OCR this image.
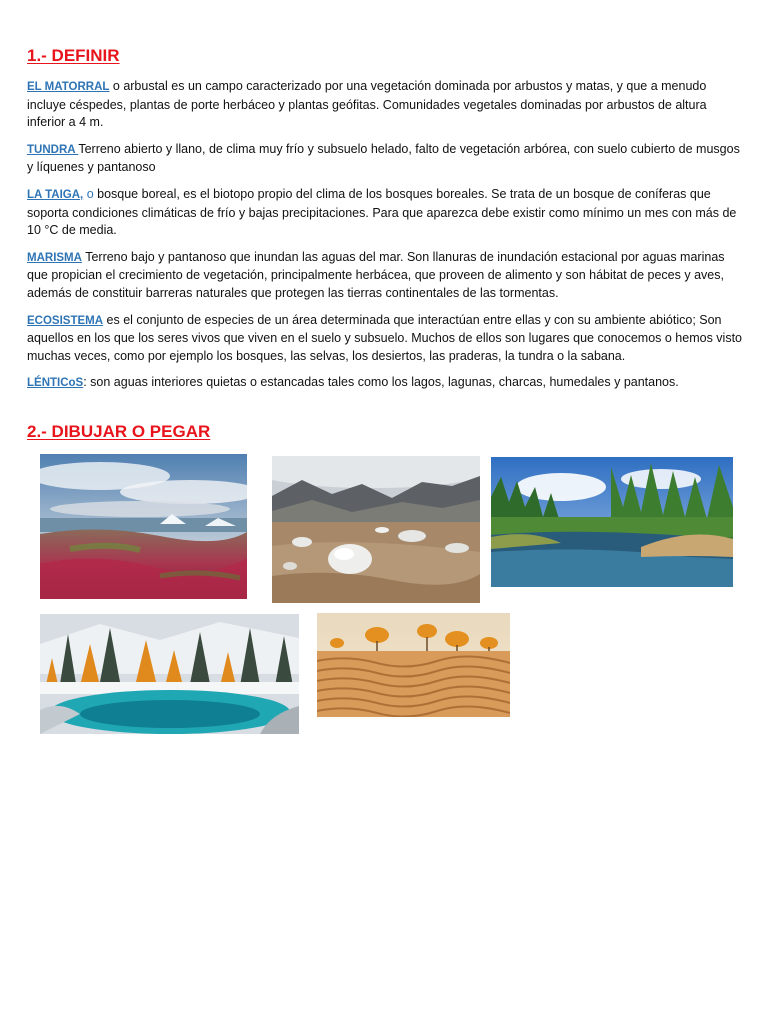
1.- DEFINIR

EL MATORRAL o arbustal es un campo caracterizado por una vegetación dominada por arbustos y matas, y que a menudo incluye céspedes, plantas de porte herbáceo y plantas geófitas. Comunidades vegetales dominadas por arbustos de altura inferior a 4 m.

TUNDRA Terreno abierto y llano, de clima muy frío y subsuelo helado, falto de vegetación arbórea, con suelo cubierto de musgos y líquenes y pantanoso

LA TAIGA, o bosque boreal, es el biotopo propio del clima de los bosques boreales. Se trata de un bosque de coníferas que soporta condiciones climáticas de frío y bajas precipitaciones. Para que aparezca debe existir como mínimo un mes con más de 10 °C de media.

MARISMA Terreno bajo y pantanoso que inundan las aguas del mar. Son llanuras de inundación estacional por aguas marinas que propician el crecimiento de vegetación, principalmente herbácea, que proveen de alimento y son hábitat de peces y aves, además de constituir barreras naturales que protegen las tierras continentales de las tormentas.

ECOSISTEMA es el conjunto de especies de un área determinada que interactúan entre ellas y con su ambiente abiótico; Son aquellos en los que los seres vivos que viven en el suelo y subsuelo. Muchos de ellos son lugares que conocemos o hemos visto muchas veces, como por ejemplo los bosques, las selvas, los desiertos, las praderas, la tundra o la sabana.

LÉNTICoS: son aguas interiores quietas o estancadas tales como los lagos, lagunas, charcas, humedales y pantanos.

2.- DIBUJAR O PEGAR
